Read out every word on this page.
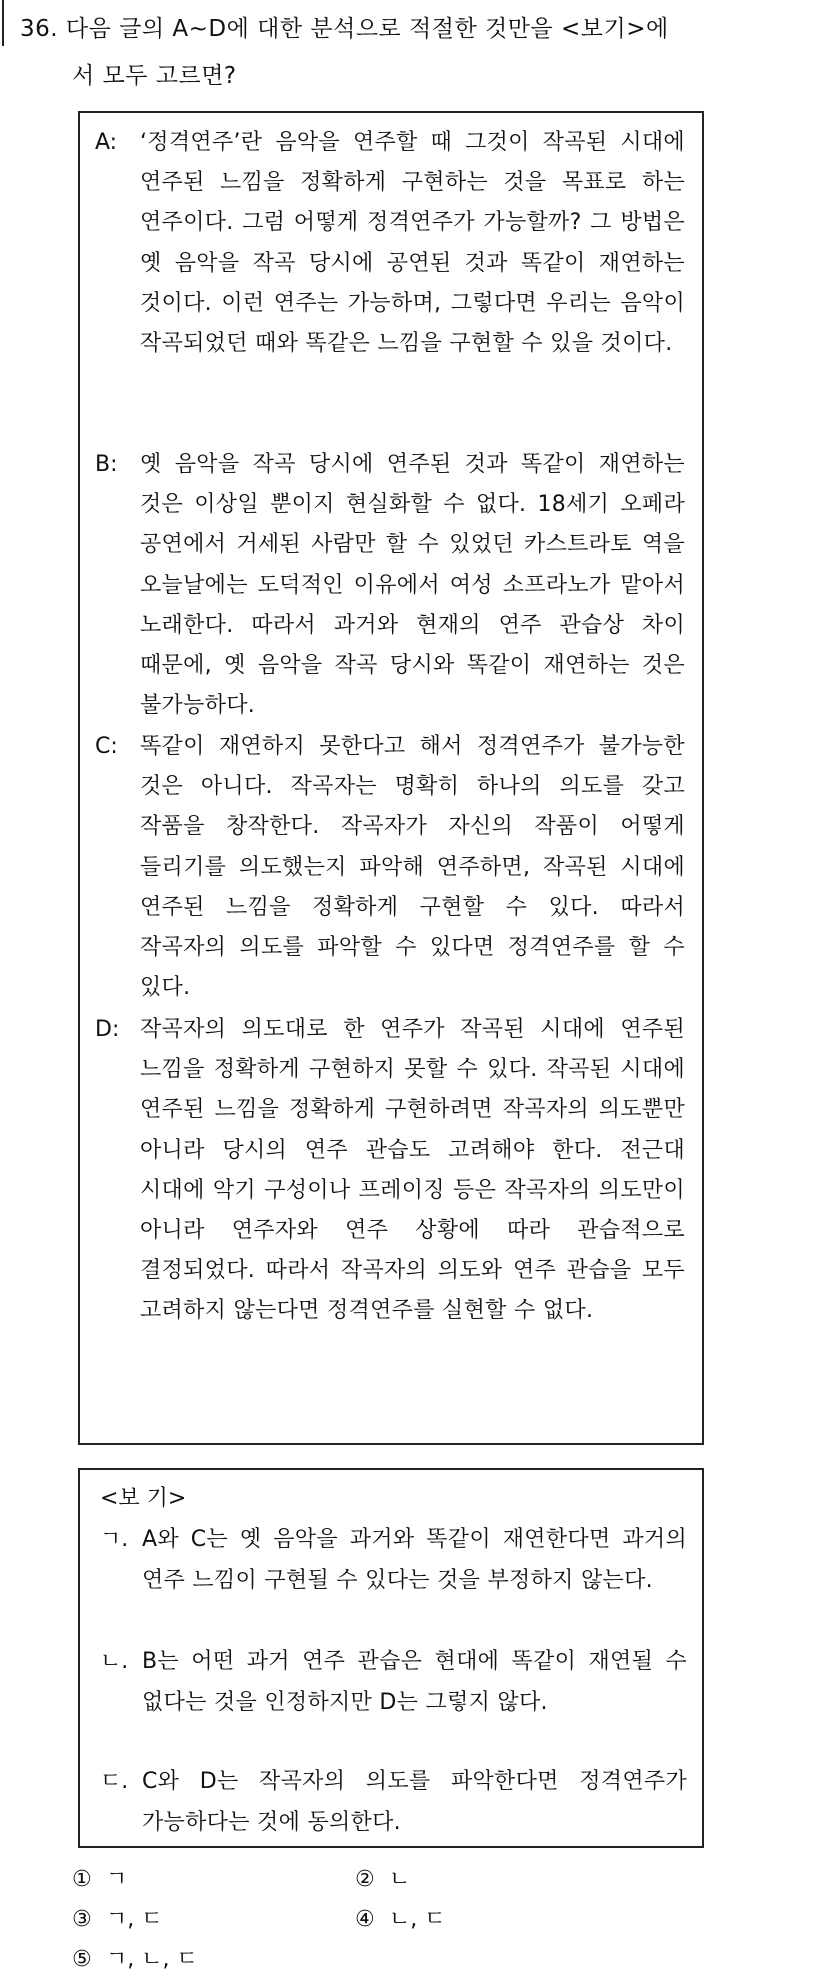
36. 다음 글의 A~D에 대한 분석으로 적절한 것만을 <보기>에
서 모두 고르면?
A: ‘정격연주’란 음악을 연주할 때 그것이 작곡된 시대에 연주된 느낌을 정확하게 구현하는 것을 목표로 하는 연주이다. 그럼 어떻게 정격연주가 가능할까? 그 방법은 옛 음악을 작곡 당시에 공연된 것과 똑같이 재연하는 것이다. 이런 연주는 가능하며, 그렇다면 우리는 음악이 작곡되었던 때와 똑같은 느낌을 구현할 수 있을 것이다.
B: 옛 음악을 작곡 당시에 연주된 것과 똑같이 재연하는 것은 이상일 뿐이지 현실화할 수 없다. 18세기 오페라 공연에서 거세된 사람만 할 수 있었던 카스트라토 역을 오늘날에는 도덕적인 이유에서 여성 소프라노가 맡아서 노래한다. 따라서 과거와 현재의 연주 관습상 차이 때문에, 옛 음악을 작곡 당시와 똑같이 재연하는 것은 불가능하다.
C: 똑같이 재연하지 못한다고 해서 정격연주가 불가능한 것은 아니다. 작곡자는 명확히 하나의 의도를 갖고 작품을 창작한다. 작곡자가 자신의 작품이 어떻게 들리기를 의도했는지 파악해 연주하면, 작곡된 시대에 연주된 느낌을 정확하게 구현할 수 있다. 따라서 작곡자의 의도를 파악할 수 있다면 정격연주를 할 수 있다.
D: 작곡자의 의도대로 한 연주가 작곡된 시대에 연주된 느낌을 정확하게 구현하지 못할 수 있다. 작곡된 시대에 연주된 느낌을 정확하게 구현하려면 작곡자의 의도뿐만 아니라 당시의 연주 관습도 고려해야 한다. 전근대 시대에 악기 구성이나 프레이징 등은 작곡자의 의도만이 아니라 연주자와 연주 상황에 따라 관습적으로 결정되었다. 따라서 작곡자의 의도와 연주 관습을 모두 고려하지 않는다면 정격연주를 실현할 수 없다.
<보 기>
ㄱ. A와 C는 옛 음악을 과거와 똑같이 재연한다면 과거의 연주 느낌이 구현될 수 있다는 것을 부정하지 않는다.
ㄴ. B는 어떤 과거 연주 관습은 현대에 똑같이 재연될 수 없다는 것을 인정하지만 D는 그렇지 않다.
ㄷ. C와 D는 작곡자의 의도를 파악한다면 정격연주가 가능하다는 것에 동의한다.
① ㄱ	② ㄴ
③ ㄱ, ㄷ	④ ㄴ, ㄷ
⑤ ㄱ, ㄴ, ㄷ
